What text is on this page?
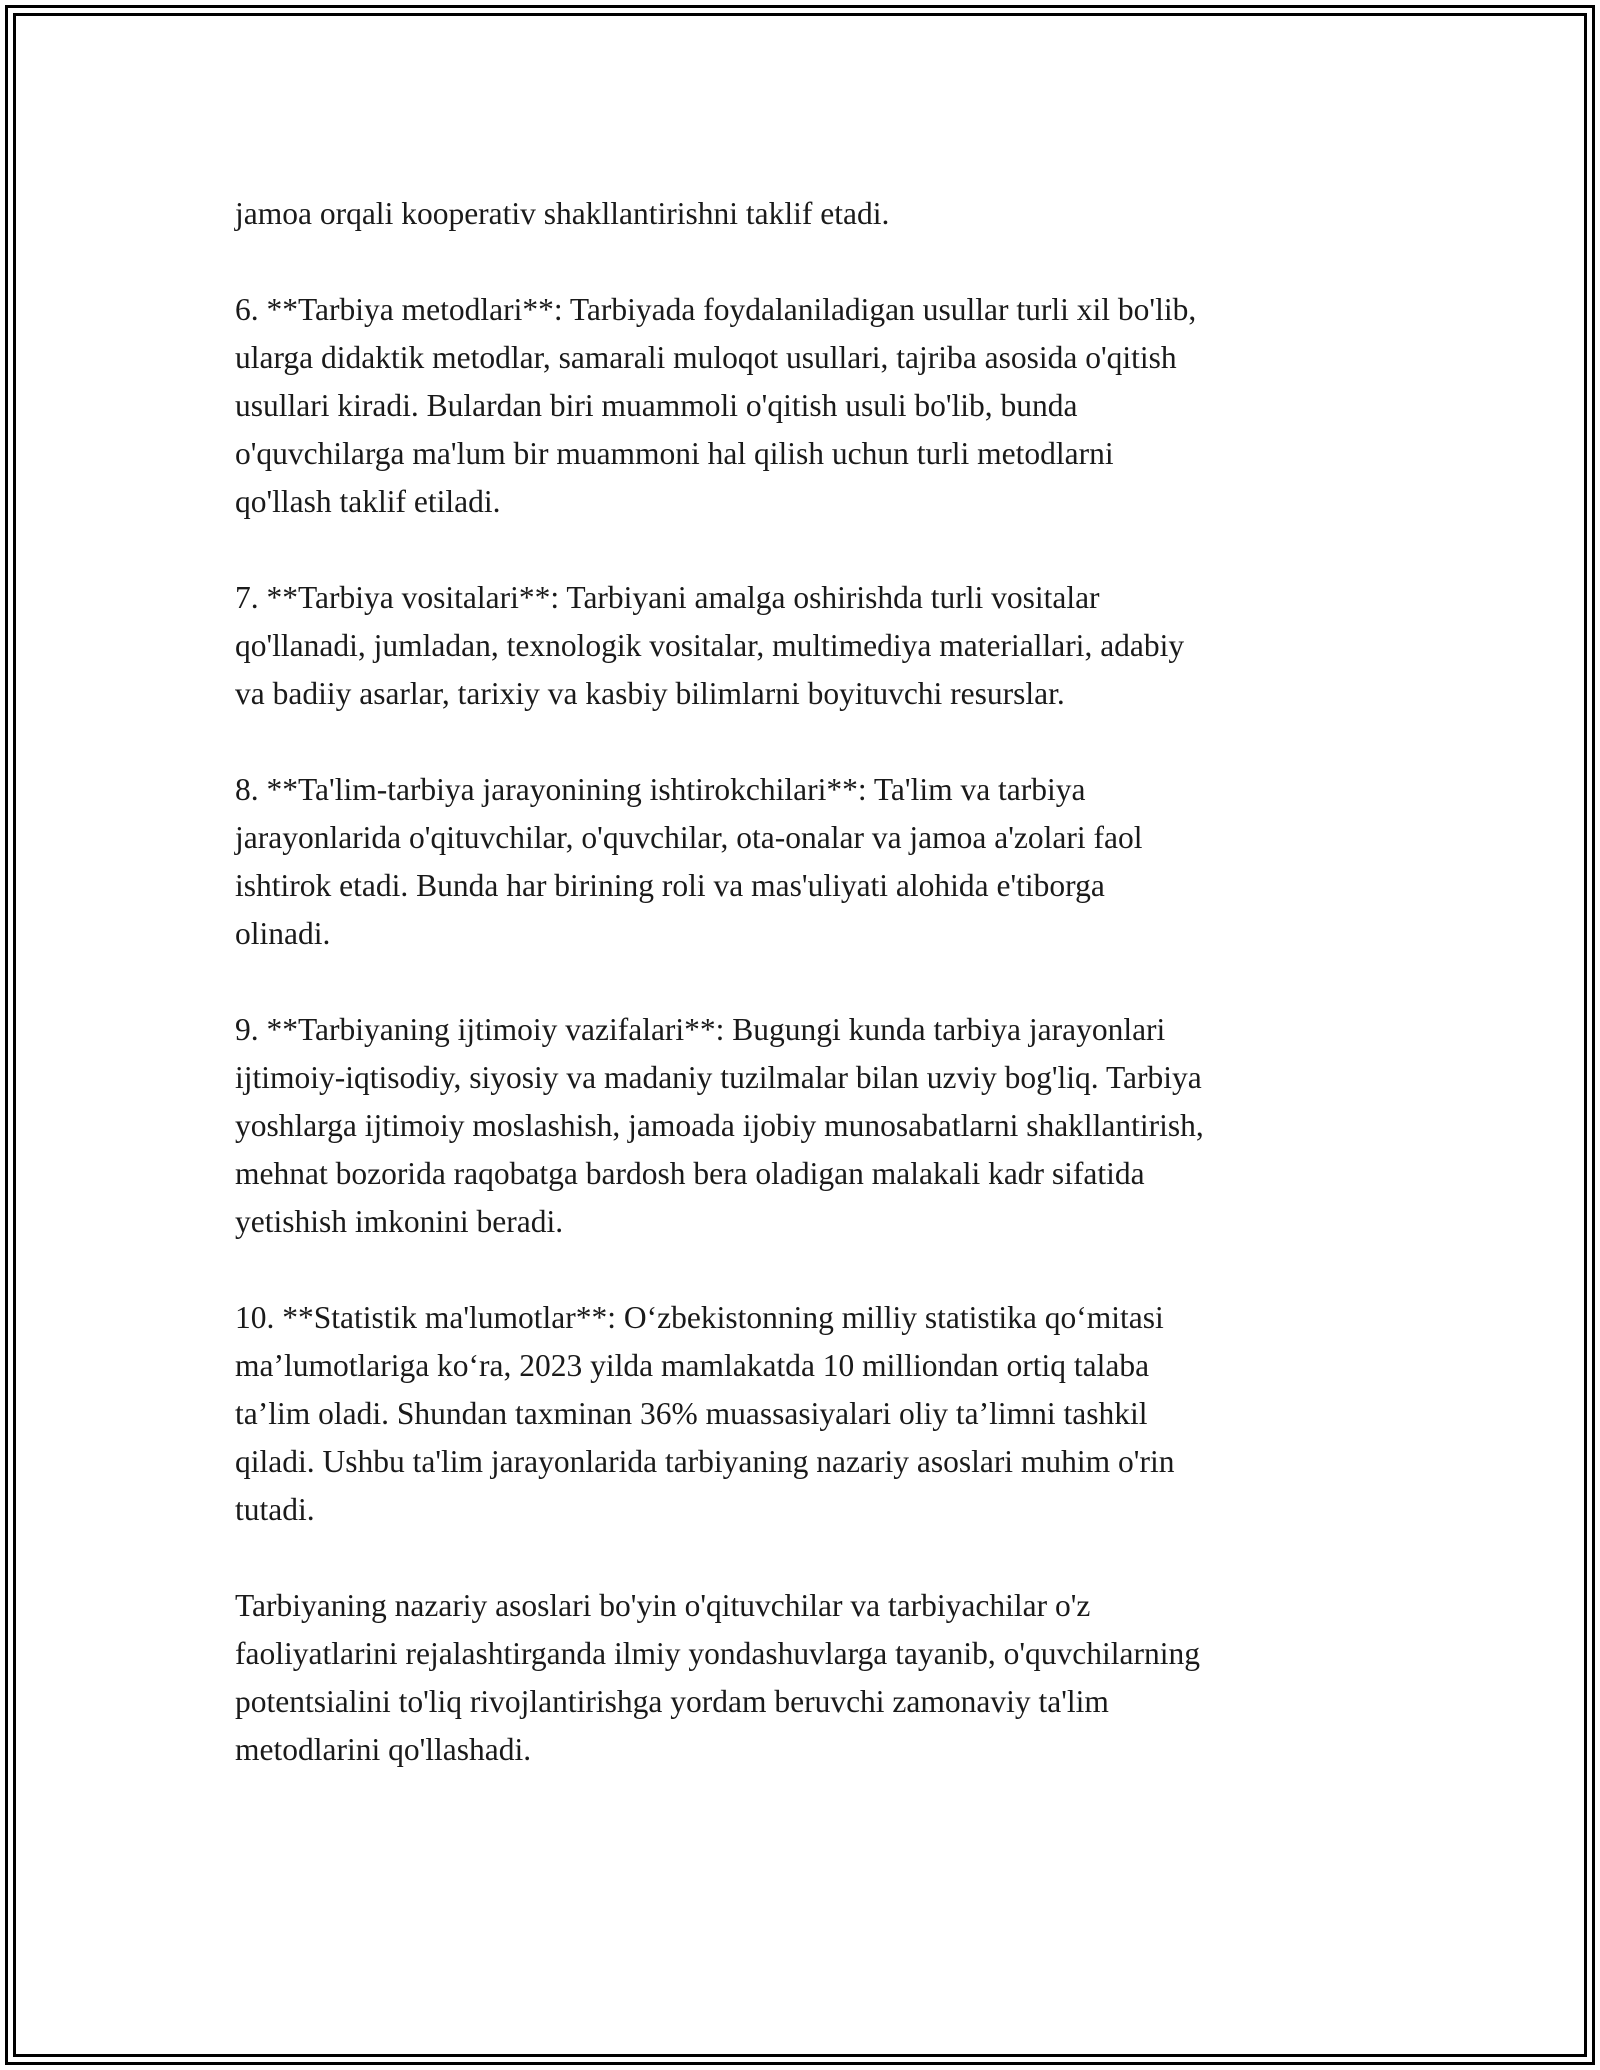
jamoa orqali kooperativ shakllantirishni taklif etadi.

6. **Tarbiya metodlari**: Tarbiyada foydalaniladigan usullar turli xil bo'lib,
ularga didaktik metodlar, samarali muloqot usullari, tajriba asosida o'qitish
usullari kiradi. Bulardan biri muammoli o'qitish usuli bo'lib, bunda
o'quvchilarga ma'lum bir muammoni hal qilish uchun turli metodlarni
qo'llash taklif etiladi.

7. **Tarbiya vositalari**: Tarbiyani amalga oshirishda turli vositalar
qo'llanadi, jumladan, texnologik vositalar, multimediya materiallari, adabiy
va badiiy asarlar, tarixiy va kasbiy bilimlarni boyituvchi resurslar.

8. **Ta'lim-tarbiya jarayonining ishtirokchilari**: Ta'lim va tarbiya
jarayonlarida o'qituvchilar, o'quvchilar, ota-onalar va jamoa a'zolari faol
ishtirok etadi. Bunda har birining roli va mas'uliyati alohida e'tiborga
olinadi.

9. **Tarbiyaning ijtimoiy vazifalari**: Bugungi kunda tarbiya jarayonlari
ijtimoiy-iqtisodiy, siyosiy va madaniy tuzilmalar bilan uzviy bog'liq. Tarbiya
yoshlarga ijtimoiy moslashish, jamoada ijobiy munosabatlarni shakllantirish,
mehnat bozorida raqobatga bardosh bera oladigan malakali kadr sifatida
yetishish imkonini beradi.

10. **Statistik ma'lumotlar**: Oʻzbekistonning milliy statistika qoʻmitasi
ma’lumotlariga koʻra, 2023 yilda mamlakatda 10 milliondan ortiq talaba
ta’lim oladi. Shundan taxminan 36% muassasiyalari oliy ta’limni tashkil
qiladi. Ushbu ta'lim jarayonlarida tarbiyaning nazariy asoslari muhim o'rin
tutadi.

Tarbiyaning nazariy asoslari bo'yin o'qituvchilar va tarbiyachilar o'z
faoliyatlarini rejalashtirganda ilmiy yondashuvlarga tayanib, o'quvchilarning
potentsialini to'liq rivojlantirishga yordam beruvchi zamonaviy ta'lim
metodlarini qo'llashadi.
